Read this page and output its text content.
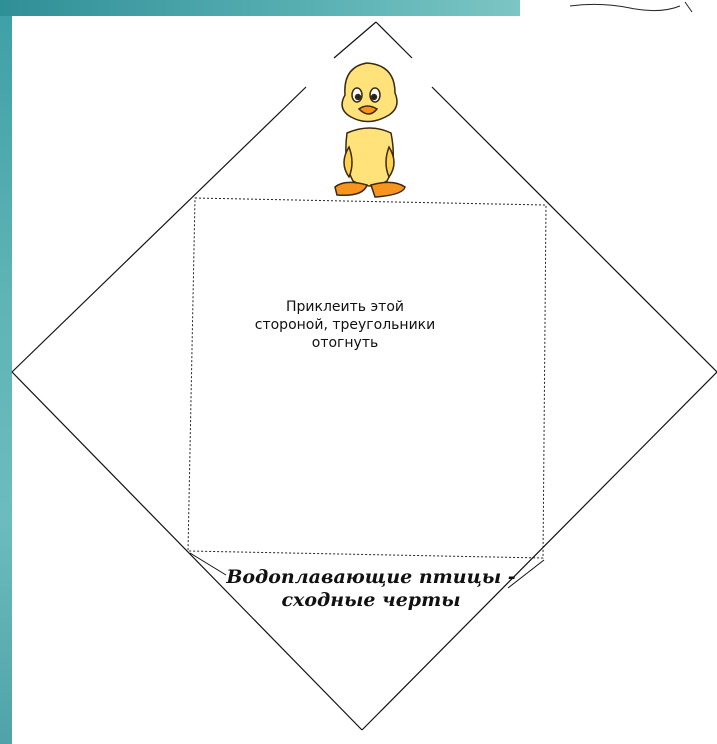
Приклеить этой
стороной, треугольники
отогнуть
Водоплавающие птицы -
сходные черты
